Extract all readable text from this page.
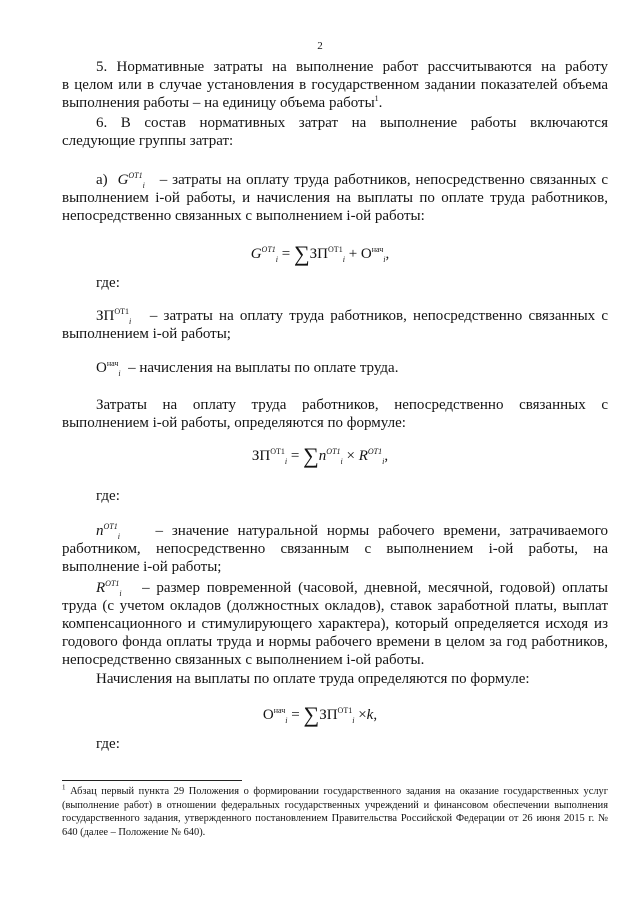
2
5. Нормативные затраты на выполнение работ рассчитываются на работу
в целом или в случае установления в государственном задании показателей объема
выполнения работы – на единицу объема работы$^1$.
6. В состав нормативных затрат на выполнение работы включаются
следующие группы затрат:
а) $G^{OT1}_i$ – затраты на оплату труда работников, непосредственно связанных с
выполнением i-ой работы, и начисления на выплаты по оплате труда работников,
непосредственно связанных с выполнением i-ой работы:
$G^{OT1}_i = \sum ЗП^{OT1}_i + O^{нач}_i$,
где:
$ЗП^{OT1}_i$ – затраты на оплату труда работников, непосредственно связанных с
выполнением i-ой работы;
$O^{нач}_i$ – начисления на выплаты по оплате труда.
Затраты на оплату труда работников, непосредственно связанных с
выполнением i-ой работы, определяются по формуле:
$ЗП^{OT1}_i = \sum n^{OT1}_i \times R^{OT1}_i$,
где:
$n^{OT1}_i$ – значение натуральной нормы рабочего времени, затрачиваемого
работником, непосредственно связанным с выполнением i-ой работы, на
выполнение i-ой работы;
$R^{OT1}_i$ – размер повременной (часовой, дневной, месячной, годовой) оплаты
труда (с учетом окладов (должностных окладов), ставок заработной платы, выплат
компенсационного и стимулирующего характера), который определяется исходя из
годового фонда оплаты труда и нормы рабочего времени в целом за год работников,
непосредственно связанных с выполнением i-ой работы.
Начисления на выплаты по оплате труда определяются по формуле:
$O^{нач}_i = \sum ЗП^{OT1}_i \times k$,
где:

$^1$ Абзац первый пункта 29 Положения о формировании государственного задания на оказание государственных услуг (выполнение работ) в отношении федеральных государственных учреждений и финансовом обеспечении выполнения государственного задания, утвержденного постановлением Правительства Российской Федерации от 26 июня 2015 г. № 640 (далее – Положение № 640).
